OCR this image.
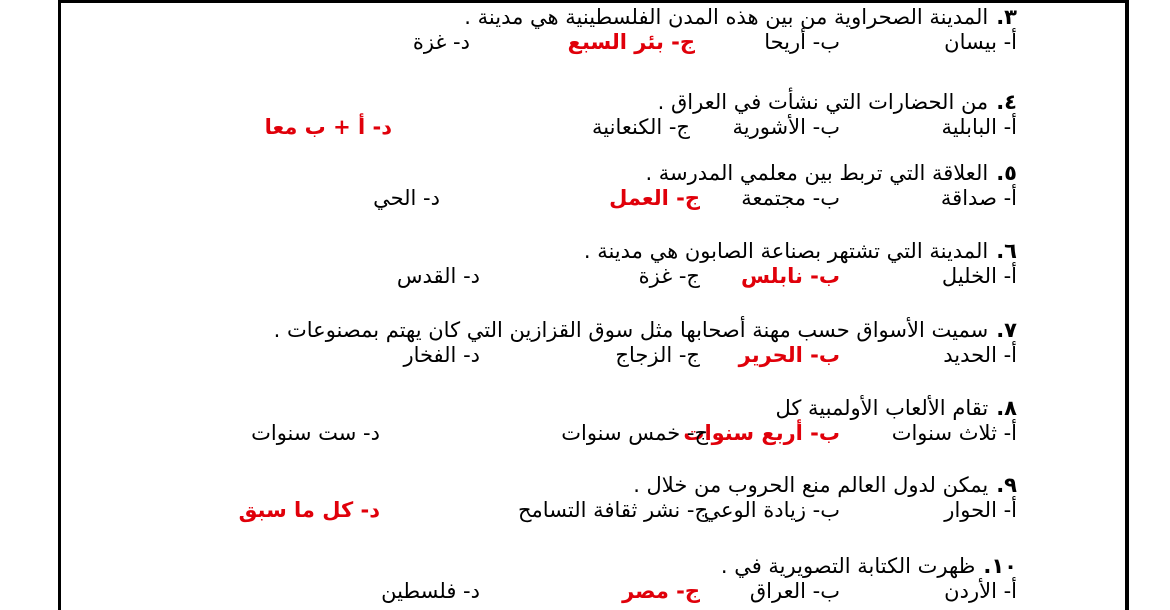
٣.المدينة الصحراوية من بين هذه المدن الفلسطينية هي مدينة .
أ- بيسان
ب- أريحا
ج- بئر السبع
د- غزة
٤.من الحضارات التي نشأت في العراق .
أ- البابلية
ب- الأشورية
ج- الكنعانية
د- أ + ب معا
٥.العلاقة التي تربط بين معلمي المدرسة .
أ- صداقة
ب- مجتمعة
ج- العمل
د- الحي
٦.المدينة التي تشتهر بصناعة الصابون هي مدينة .
أ- الخليل
ب- نابلس
ج- غزة
د- القدس
٧.سميت الأسواق حسب مهنة أصحابها مثل سوق القزازين التي كان يهتم بمصنوعات .
أ- الحديد
ب- الحرير
ج- الزجاج
د- الفخار
٨.تقام الألعاب الأولمبية كل
أ- ثلاث سنوات
ب- أربع سنوات
ج- خمس سنوات
د- ست سنوات
٩.يمكن لدول العالم منع الحروب من خلال .
أ- الحوار
ب- زيادة الوعي
ج- نشر ثقافة التسامح
د- كل ما سبق
١٠.ظهرت الكتابة التصويرية في .
أ- الأردن
ب- العراق
ج- مصر
د- فلسطين
